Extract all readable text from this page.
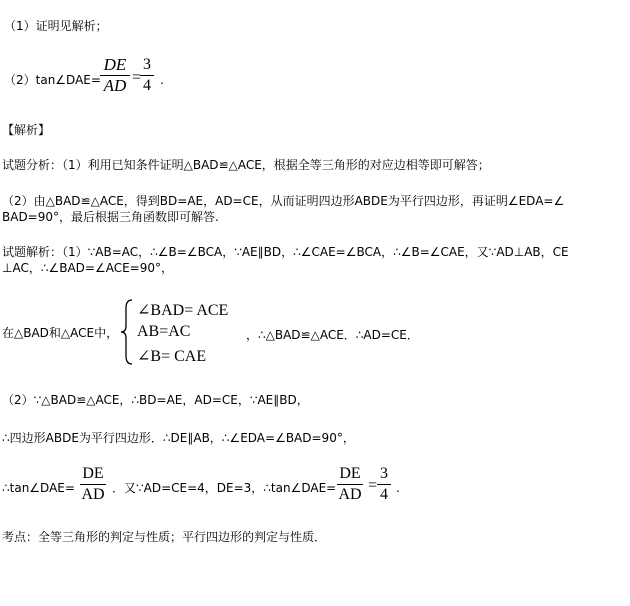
（1）证明见解析；
（2）tan∠DAE=
DE
AD =
3
4 .
【解析】
试题分析：（1）利用已知条件证明△BAD≌△ACE，根据全等三角形的对应边相等即可解答；
（2）由△BAD≌△ACE，得到BD=AE，AD=CE，从而证明四边形ABDE为平行四边形，再证明∠EDA=∠
BAD=90°，最后根据三角函数即可解答.
试题解析：（1）∵AB=AC，∴∠B=∠BCA，∵AE∥BD，∴∠CAE=∠BCA，∴∠B=∠CAE，又∵AD⊥AB，CE
⊥AC，∴∠BAD=∠ACE=90°，
在△BAD和△ACE中，
∠BAD= ACE
AB=AC
∠B= CAE
，∴△BAD≌△ACE．∴AD=CE．
（2）∵△BAD≌△ACE，∴BD=AE，AD=CE，∵AE∥BD，
∴四边形ABDE为平行四边形．∴DE∥AB，∴∠EDA=∠BAD=90°，
∴tan∠DAE=
DE
AD ．又∵AD=CE=4，DE=3，∴tan∠DAE=
DE
AD
=
3
4 .
考点：全等三角形的判定与性质；平行四边形的判定与性质．
